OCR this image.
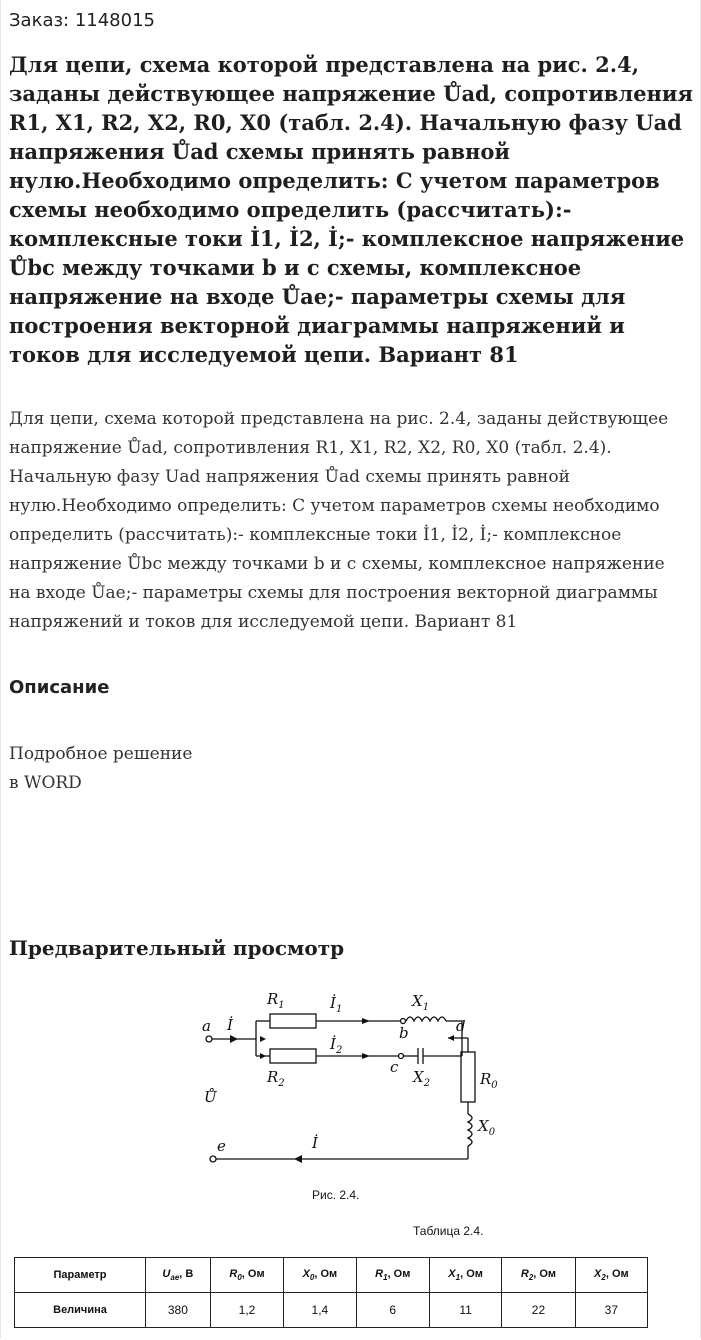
Заказ: 1148015
Для цепи, схема которой представлена на рис. 2.4, заданы действующее напряжение Ůad, сопротивления R1, X1, R2, X2, R0, X0 (табл. 2.4). Начальную фазу Uad напряжения Ůad схемы принять равной нулю.Необходимо определить: С учетом параметров схемы необходимо определить (рассчитать):- комплексные токи İ1, İ2, İ;- комплексное напряжение Ůbc между точками b и c схемы, комплексное напряжение на входе Ůae;- параметры схемы для построения векторной диаграммы напряжений и токов для исследуемой цепи. Вариант 81
Для цепи, схема которой представлена на рис. 2.4, заданы действующее напряжение Ůad, сопротивления R1, X1, R2, X2, R0, X0 (табл. 2.4). Начальную фазу Uad напряжения Ůad схемы принять равной нулю.Необходимо определить: С учетом параметров схемы необходимо определить (рассчитать):- комплексные токи İ1, İ2, İ;- комплексное напряжение Ůbc между точками b и c схемы, комплексное напряжение на входе Ůae;- параметры схемы для построения векторной диаграммы напряжений и токов для исследуемой цепи. Вариант 81
Описание
Подробное решение
в WORD
Предварительный просмотр
a İ
$R_1$	$İ_1$	$X_1$
b	d
$İ_2$
$R_2$
c
$X_2$	$R_0$
$X_0$
Ů
e	İ
Рис. 2.4.
Таблица 2.4.
Параметр	$U_{ae}$, В	$R_0$, Ом	$X_0$, Ом	$R_1$, Ом	$X_1$, Ом	$R_2$, Ом	$X_2$, Ом
Величина	380	1,2	1,4	6	11	22	37
